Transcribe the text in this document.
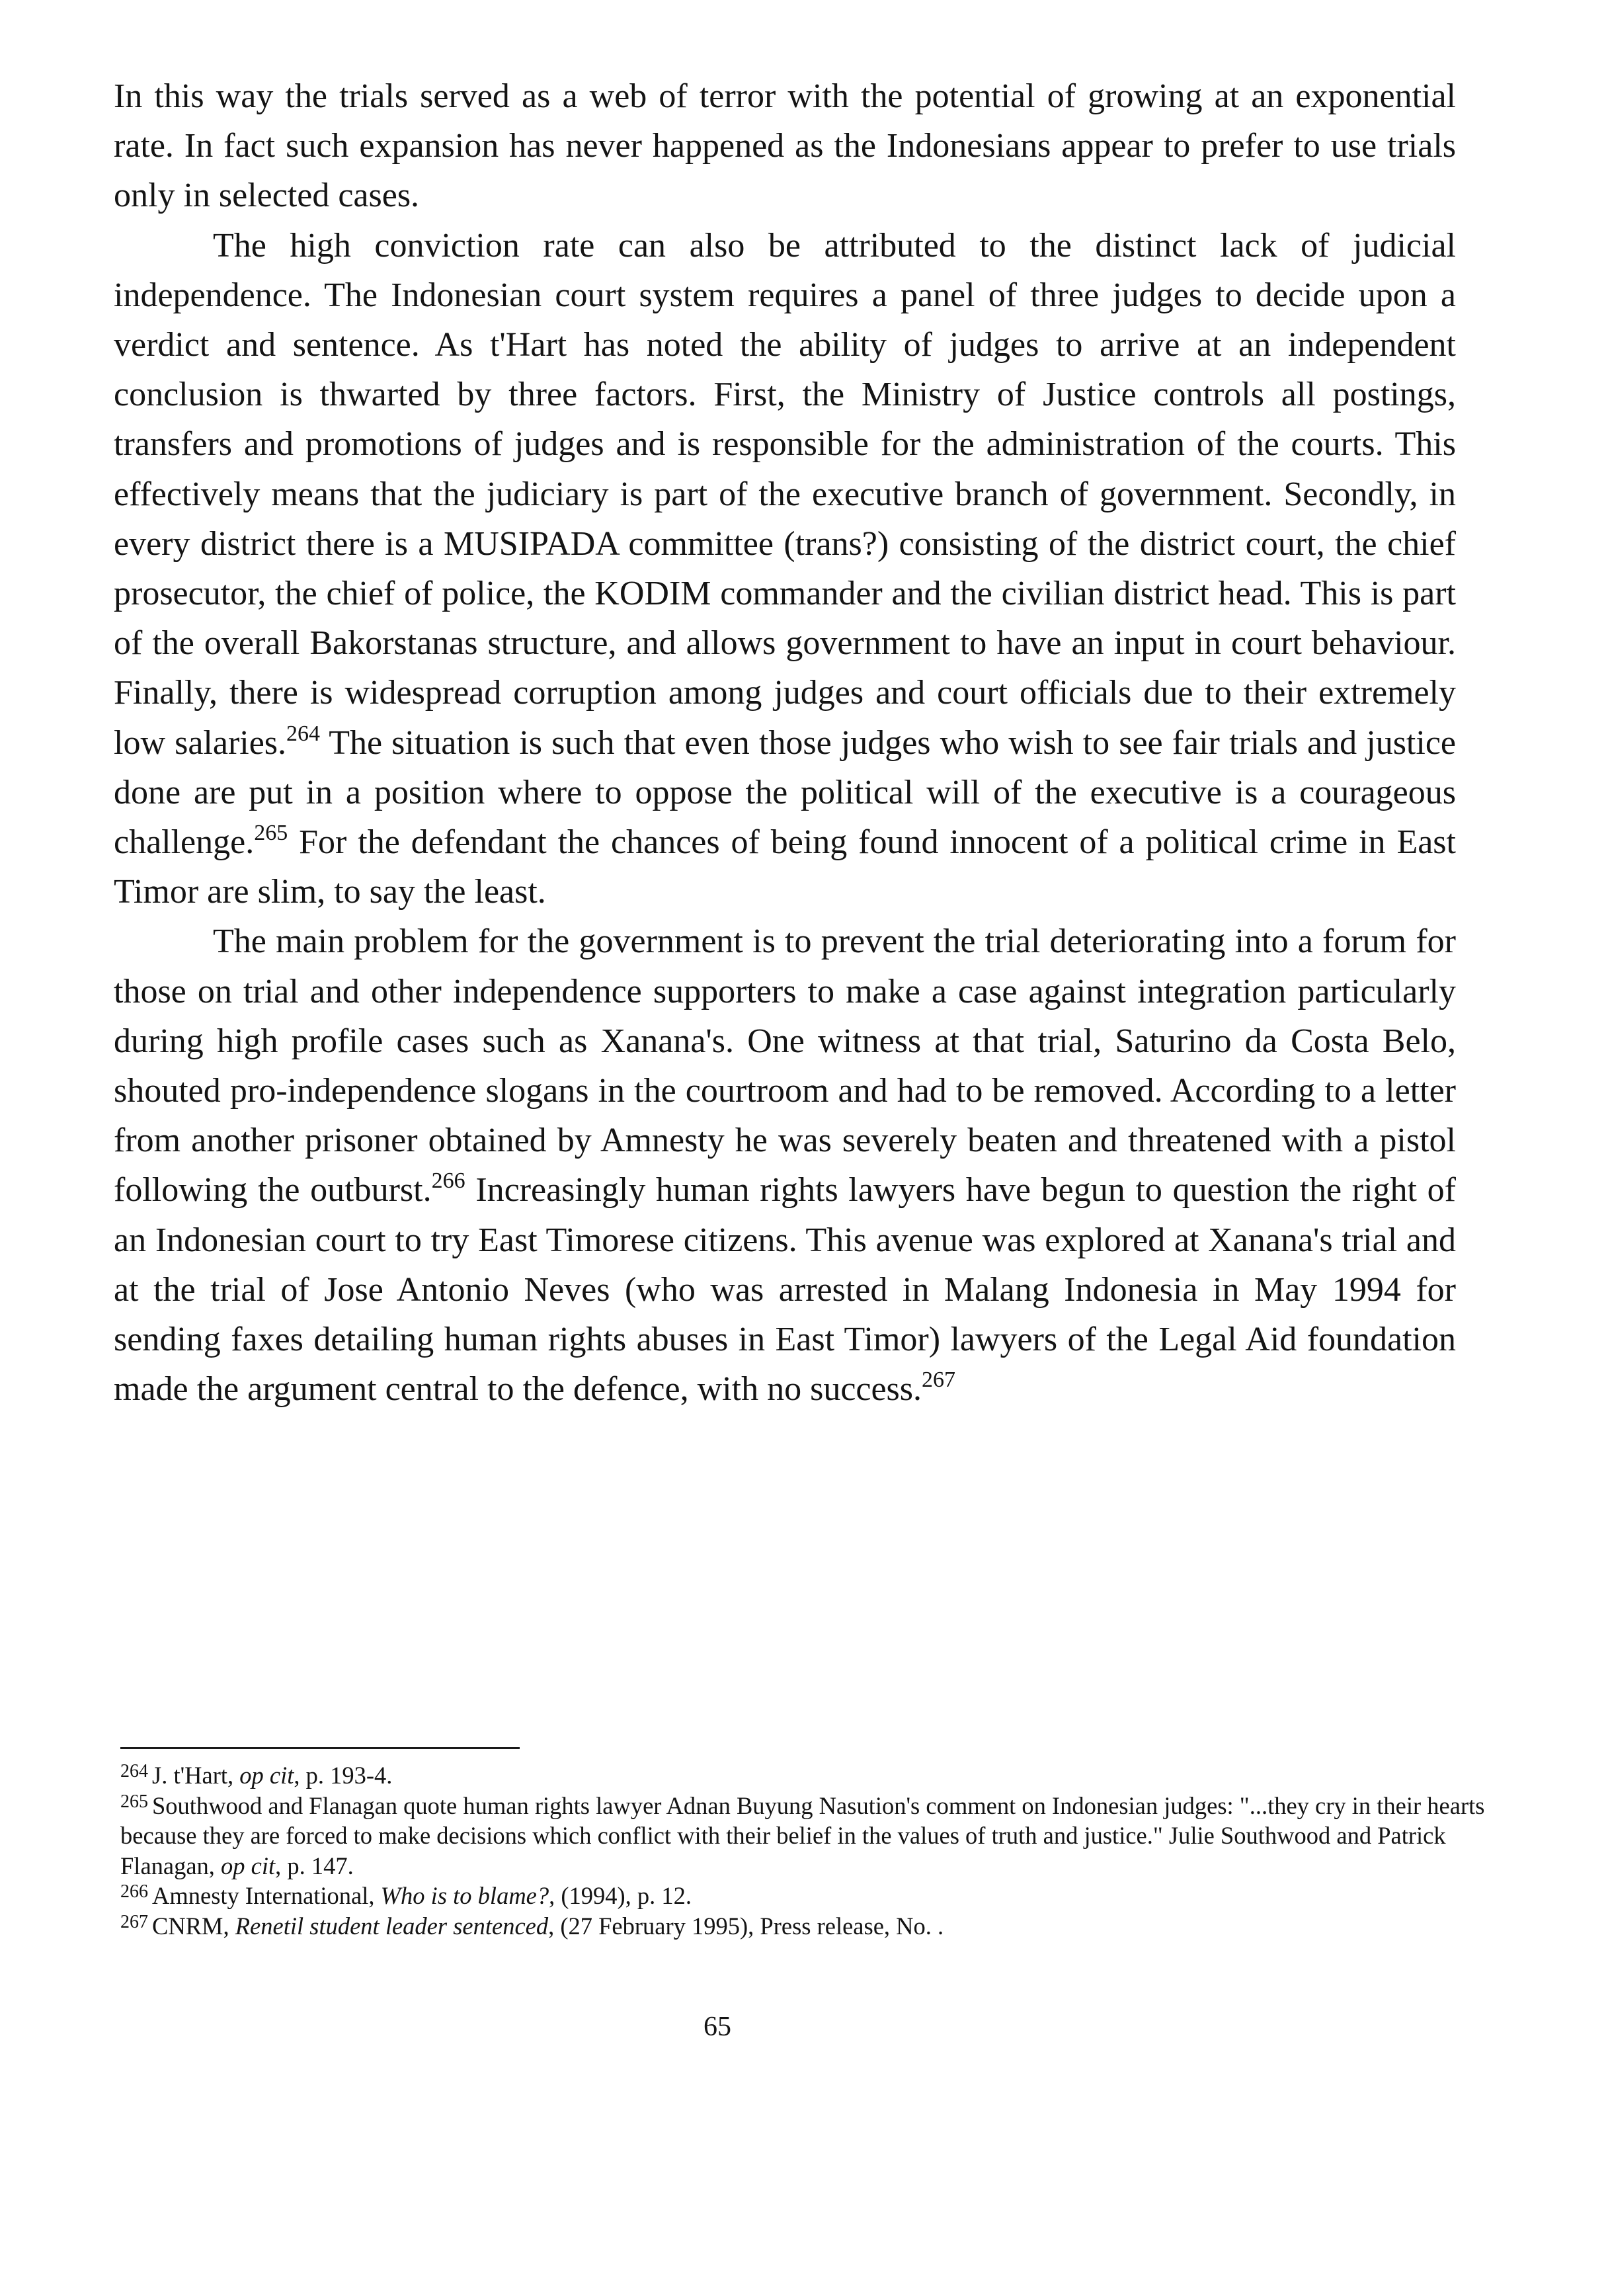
In this way the trials served as a web of terror with the potential of growing at an exponential rate. In fact such expansion has never happened as the Indonesians appear to prefer to use trials only in selected cases.

The high conviction rate can also be attributed to the distinct lack of judicial independence. The Indonesian court system requires a panel of three judges to decide upon a verdict and sentence. As t'Hart has noted the ability of judges to arrive at an independent conclusion is thwarted by three factors. First, the Ministry of Justice controls all postings, transfers and promotions of judges and is responsible for the administration of the courts. This effectively means that the judiciary is part of the executive branch of government. Secondly, in every district there is a MUSIPADA committee (trans?) consisting of the district court, the chief prosecutor, the chief of police, the KODIM commander and the civilian district head. This is part of the overall Bakorstanas structure, and allows government to have an input in court behaviour. Finally, there is widespread corruption among judges and court officials due to their extremely low salaries.$^{264}$ The situation is such that even those judges who wish to see fair trials and justice done are put in a position where to oppose the political will of the executive is a courageous challenge.$^{265}$ For the defendant the chances of being found innocent of a political crime in East Timor are slim, to say the least.

The main problem for the government is to prevent the trial deteriorating into a forum for those on trial and other independence supporters to make a case against integration particularly during high profile cases such as Xanana's. One witness at that trial, Saturino da Costa Belo, shouted pro-independence slogans in the courtroom and had to be removed. According to a letter from another prisoner obtained by Amnesty he was severely beaten and threatened with a pistol following the outburst.$^{266}$ Increasingly human rights lawyers have begun to question the right of an Indonesian court to try East Timorese citizens. This avenue was explored at Xanana's trial and at the trial of Jose Antonio Neves (who was arrested in Malang Indonesia in May 1994 for sending faxes detailing human rights abuses in East Timor) lawyers of the Legal Aid foundation made the argument central to the defence, with no success.$^{267}$

$^{264}$ J. t'Hart, op cit, p. 193-4.
$^{265}$ Southwood and Flanagan quote human rights lawyer Adnan Buyung Nasution's comment on Indonesian judges: "...they cry in their hearts because they are forced to make decisions which conflict with their belief in the values of truth and justice." Julie Southwood and Patrick Flanagan, op cit, p. 147.
$^{266}$ Amnesty International, Who is to blame?, (1994), p. 12.
$^{267}$ CNRM, Renetil student leader sentenced, (27 February 1995), Press release, No. .
65
